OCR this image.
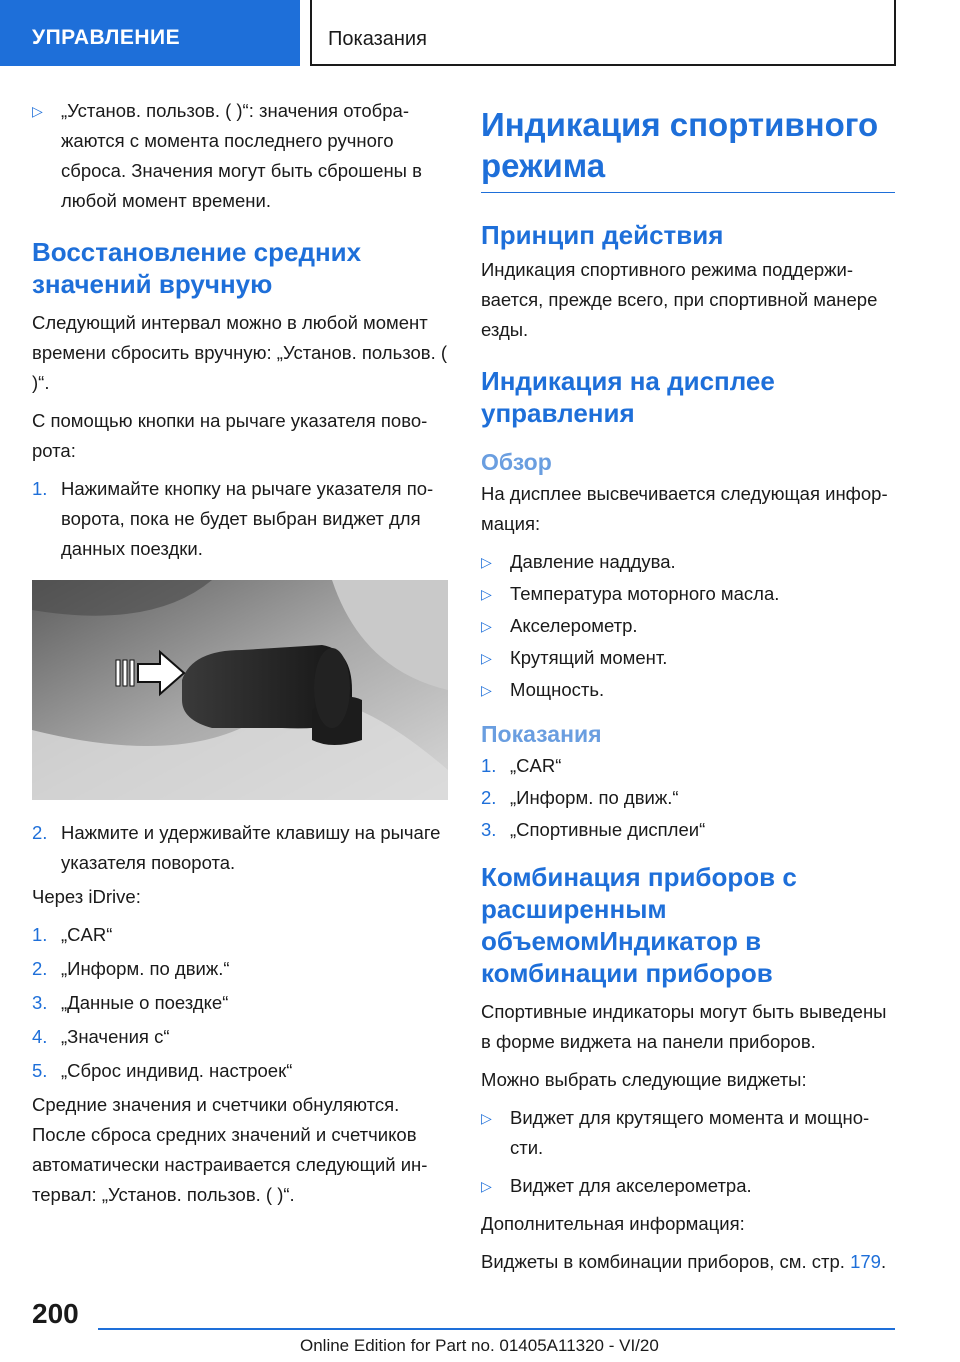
УПРАВЛЕНИЕ	Показания
▷ „Установ. пользов. ( )“: значения отображаются с момента последнего ручного сброса. Значения могут быть сброшены в любой момент времени.
Восстановление средних значений вручную

Следующий интервал можно в любой момент времени сбросить вручную: „Установ. пользов. ( )“.

С помощью кнопки на рычаге указателя поворота:

1. Нажимайте кнопку на рычаге указателя поворота, пока не будет выбран виджет для данных поездки.
2. Нажмите и удерживайте клавишу на рычаге указателя поворота.

Через iDrive:

1. „CAR“
2. „Информ. по движ.“
3. „Данные о поездке“
4. „Значения с“
5. „Сброс индивид. настроек“

Средние значения и счетчики обнуляются. После сброса средних значений и счетчиков автоматически настраивается следующий интервал: „Установ. пользов. ( )“.

Индикация спортивного режима
Принцип действия

Индикация спортивного режима поддерживается, прежде всего, при спортивной манере езды.

Индикация на дисплее управления
Обзор

На дисплее высвечивается следующая информация:

▷ Давление наддува.
▷ Температура моторного масла.
▷ Акселерометр.
▷ Крутящий момент.
▷ Мощность.
Показания
1. „CAR“
2. „Информ. по движ.“
3. „Спортивные дисплеи“
Комбинация приборов с расширенным объемомИндикатор в комбинации приборов

Спортивные индикаторы могут быть выведены в форме виджета на панели приборов.

Можно выбрать следующие виджеты:

▷ Виджет для крутящего момента и мощности.
▷ Виджет для акселерометра.

Дополнительная информация:

Виджеты в комбинации приборов, см. стр. 179.

200
Online Edition for Part no. 01405A11320 - VI/20
